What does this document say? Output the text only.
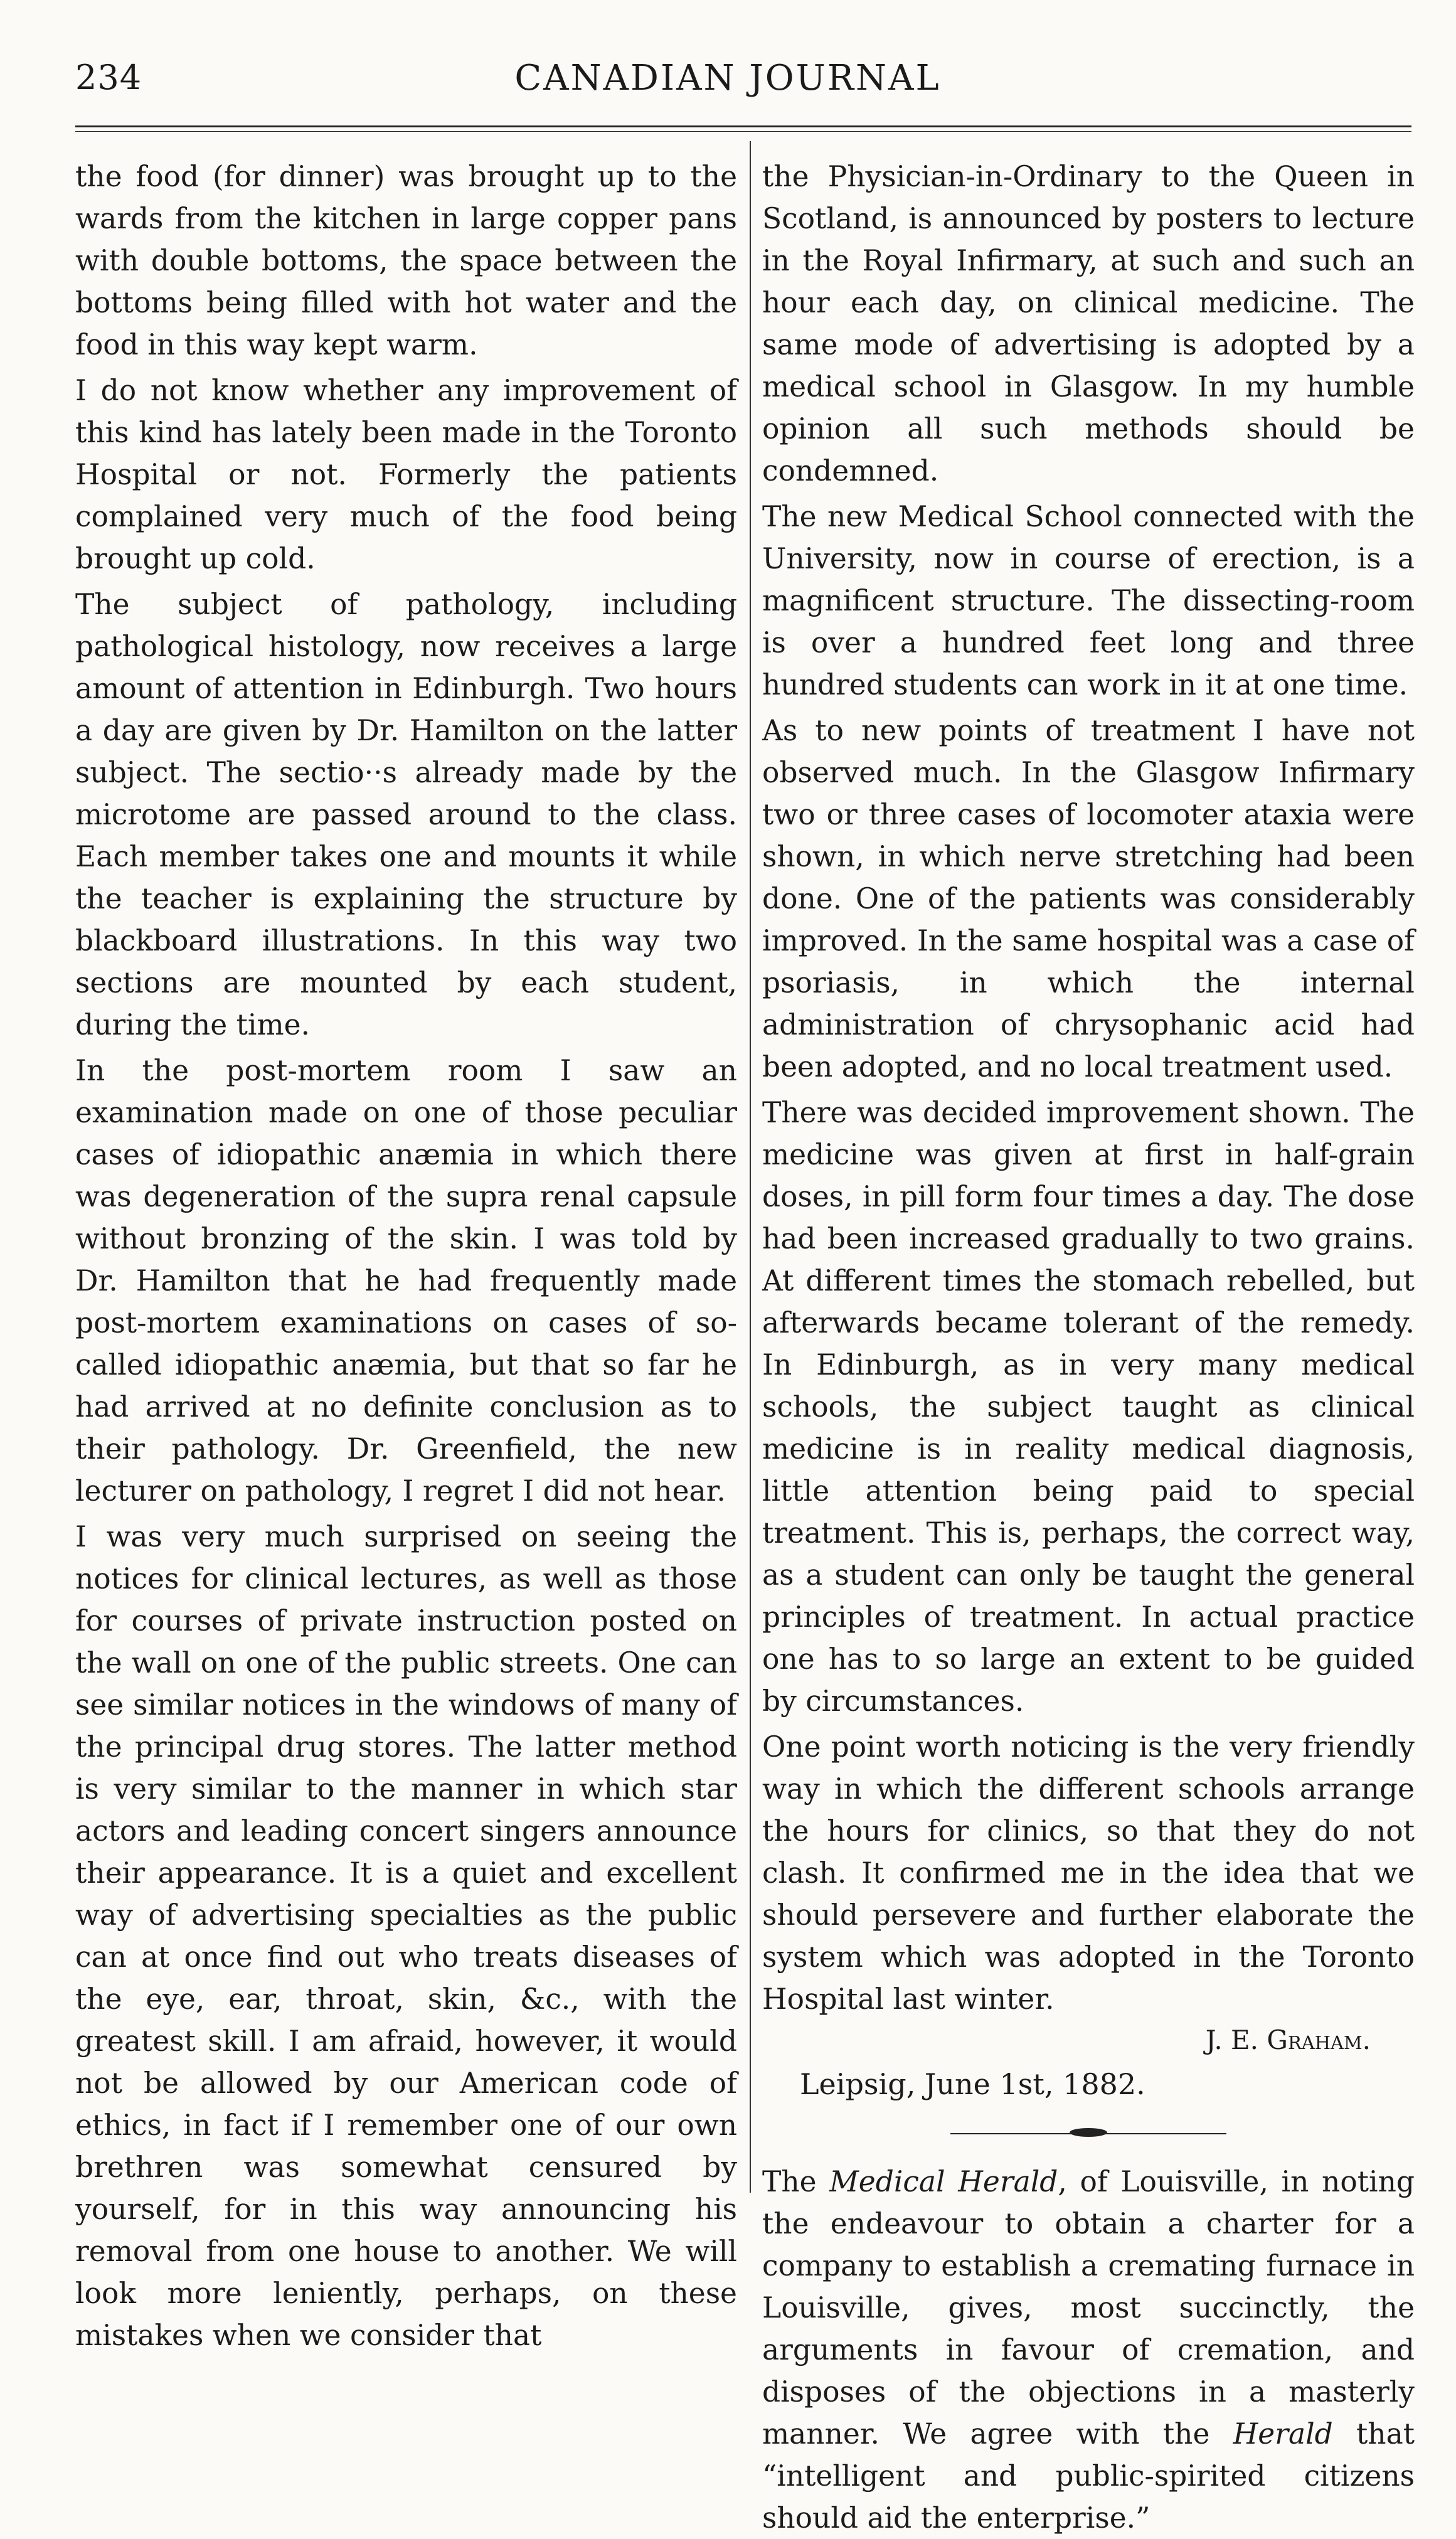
234	CANADIAN JOURNAL

the food (for dinner) was brought up to the wards from the kitchen in large copper pans with double bottoms, the space between the bottoms being filled with hot water and the food in this way kept warm.

I do not know whether any improvement of this kind has lately been made in the Toronto Hospital or not. Formerly the patients complained very much of the food being brought up cold.

The subject of pathology, including pathological histology, now receives a large amount of attention in Edinburgh. Two hours a day are given by Dr. Hamilton on the latter subject. The sectio··s already made by the microtome are passed around to the class. Each member takes one and mounts it while the teacher is explaining the structure by blackboard illustrations. In this way two sections are mounted by each student, during the time.

In the post-mortem room I saw an examination made on one of those peculiar cases of idiopathic anæmia in which there was degeneration of the supra renal capsule without bronzing of the skin. I was told by Dr. Hamilton that he had frequently made post-mortem examinations on cases of so-called idiopathic anæmia, but that so far he had arrived at no definite conclusion as to their pathology. Dr. Greenfield, the new lecturer on pathology, I regret I did not hear.

I was very much surprised on seeing the notices for clinical lectures, as well as those for courses of private instruction posted on the wall on one of the public streets. One can see similar notices in the windows of many of the principal drug stores. The latter method is very similar to the manner in which star actors and leading concert singers announce their appearance. It is a quiet and excellent way of advertising specialties as the public can at once find out who treats diseases of the eye, ear, throat, skin, &c., with the greatest skill. I am afraid, however, it would not be allowed by our American code of ethics, in fact if I remember one of our own brethren was somewhat censured by yourself, for in this way announcing his removal from one house to another. We will look more leniently, perhaps, on these mistakes when we consider that

the Physician-in-Ordinary to the Queen in Scotland, is announced by posters to lecture in the Royal Infirmary, at such and such an hour each day, on clinical medicine. The same mode of advertising is adopted by a medical school in Glasgow. In my humble opinion all such methods should be condemned.

The new Medical School connected with the University, now in course of erection, is a magnificent structure. The dissecting-room is over a hundred feet long and three hundred students can work in it at one time.

As to new points of treatment I have not observed much. In the Glasgow Infirmary two or three cases of locomoter ataxia were shown, in which nerve stretching had been done. One of the patients was considerably improved. In the same hospital was a case of psoriasis, in which the internal administration of chrysophanic acid had been adopted, and no local treatment used.

There was decided improvement shown. The medicine was given at first in half-grain doses, in pill form four times a day. The dose had been increased gradually to two grains. At different times the stomach rebelled, but afterwards became tolerant of the remedy. In Edinburgh, as in very many medical schools, the subject taught as clinical medicine is in reality medical diagnosis, little attention being paid to special treatment. This is, perhaps, the correct way, as a student can only be taught the general principles of treatment. In actual practice one has to so large an extent to be guided by circumstances.

One point worth noticing is the very friendly way in which the different schools arrange the hours for clinics, so that they do not clash. It confirmed me in the idea that we should persevere and further elaborate the system which was adopted in the Toronto Hospital last winter.

J. E. Graham.
Leipsig, June 1st, 1882.

The Medical Herald, of Louisville, in noting the endeavour to obtain a charter for a company to establish a cremating furnace in Louisville, gives, most succinctly, the arguments in favour of cremation, and disposes of the objections in a masterly manner. We agree with the Herald that “intelligent and public-spirited citizens should aid the enterprise.”
